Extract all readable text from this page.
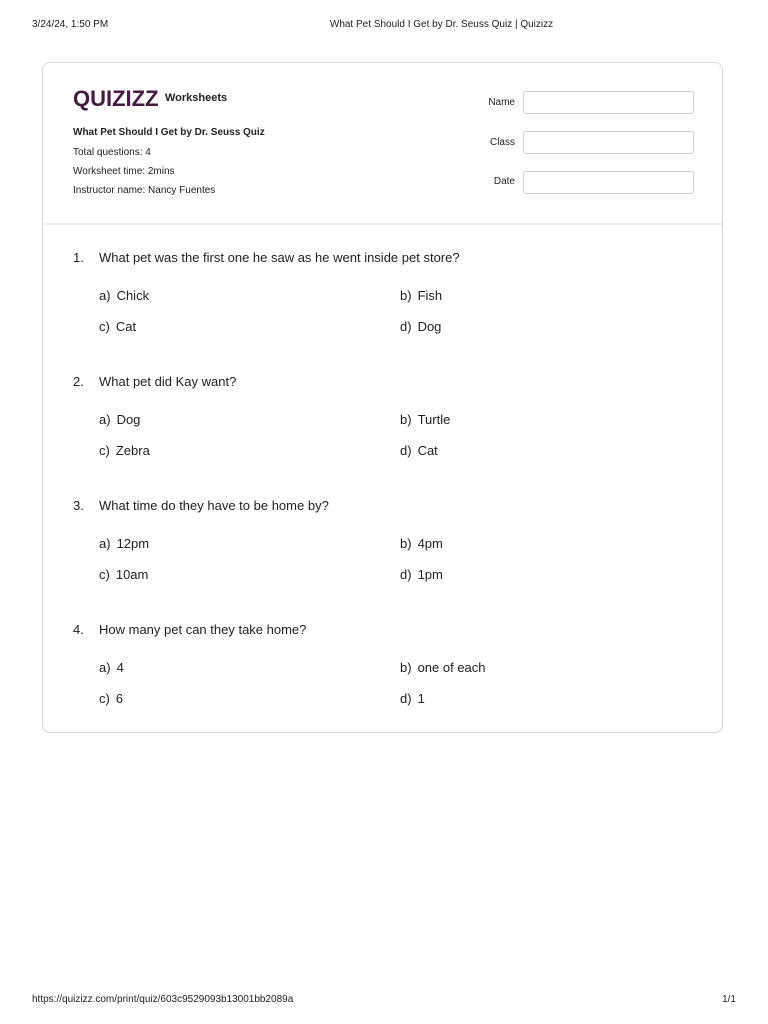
3/24/24, 1:50 PM	What Pet Should I Get by Dr. Seuss Quiz | Quizizz
QUIZIZZ Worksheets
What Pet Should I Get by Dr. Seuss Quiz
Total questions: 4
Worksheet time: 2mins
Instructor name: Nancy Fuentes
Name
Class
Date
1. What pet was the first one he saw as he went inside pet store?
a) Chick	b) Fish
c) Cat	d) Dog
2. What pet did Kay want?
a) Dog	b) Turtle
c) Zebra	d) Cat
3. What time do they have to be home by?
a) 12pm	b) 4pm
c) 10am	d) 1pm
4. How many pet can they take home?
a) 4	b) one of each
c) 6	d) 1
https://quizizz.com/print/quiz/603c9529093b13001bb2089a	1/1
